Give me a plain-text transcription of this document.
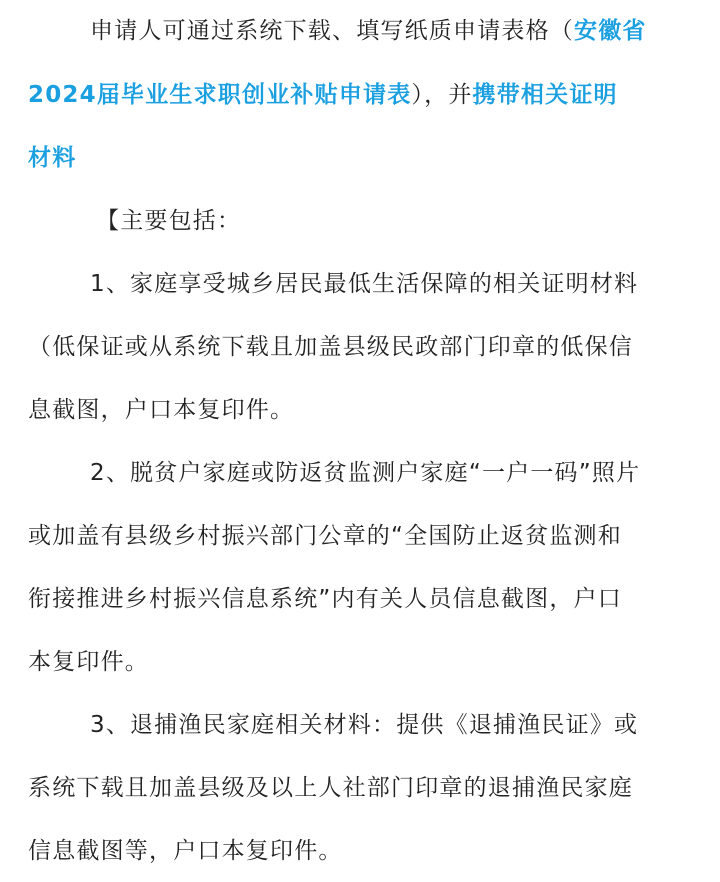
申请人可通过系统下载、填写纸质申请表格（安徽省
2024届毕业生求职创业补贴申请表），并携带相关证明
材料
【主要包括：
1、家庭享受城乡居民最低生活保障的相关证明材料
（低保证或从系统下载且加盖县级民政部门印章的低保信
息截图，户口本复印件。
2、脱贫户家庭或防返贫监测户家庭“一户一码”照片
或加盖有县级乡村振兴部门公章的“全国防止返贫监测和
衔接推进乡村振兴信息系统”内有关人员信息截图，户口
本复印件。
3、退捕渔民家庭相关材料：提供《退捕渔民证》或
系统下载且加盖县级及以上人社部门印章的退捕渔民家庭
信息截图等，户口本复印件。
